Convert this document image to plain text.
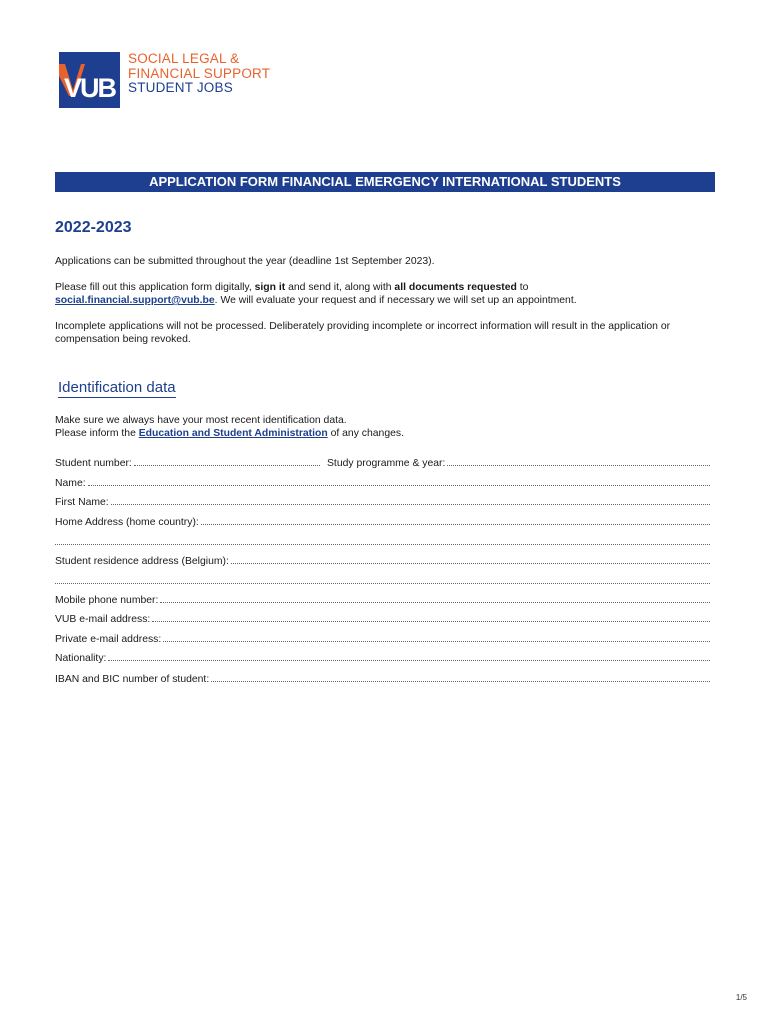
VUB
SOCIAL LEGAL &
FINANCIAL SUPPORT
STUDENT JOBS
APPLICATION FORM FINANCIAL EMERGENCY INTERNATIONAL STUDENTS
2022-2023
Applications can be submitted throughout the year (deadline 1st September 2023).
Please fill out this application form digitally, sign it and send it, along with all documents requested to
social.financial.support@vub.be. We will evaluate your request and if necessary we will set up an appointment.
Incomplete applications will not be processed. Deliberately providing incomplete or incorrect information will result in the application or compensation being revoked.
Identification data
Make sure we always have your most recent identification data.
Please inform the Education and Student Administration of any changes.
Student number:	Study programme & year:
Name:
First Name:
Home Address (home country):
Student residence address (Belgium):
Mobile phone number:
VUB e-mail address:
Private e-mail address:
Nationality:
IBAN and BIC number of student:
1/5
